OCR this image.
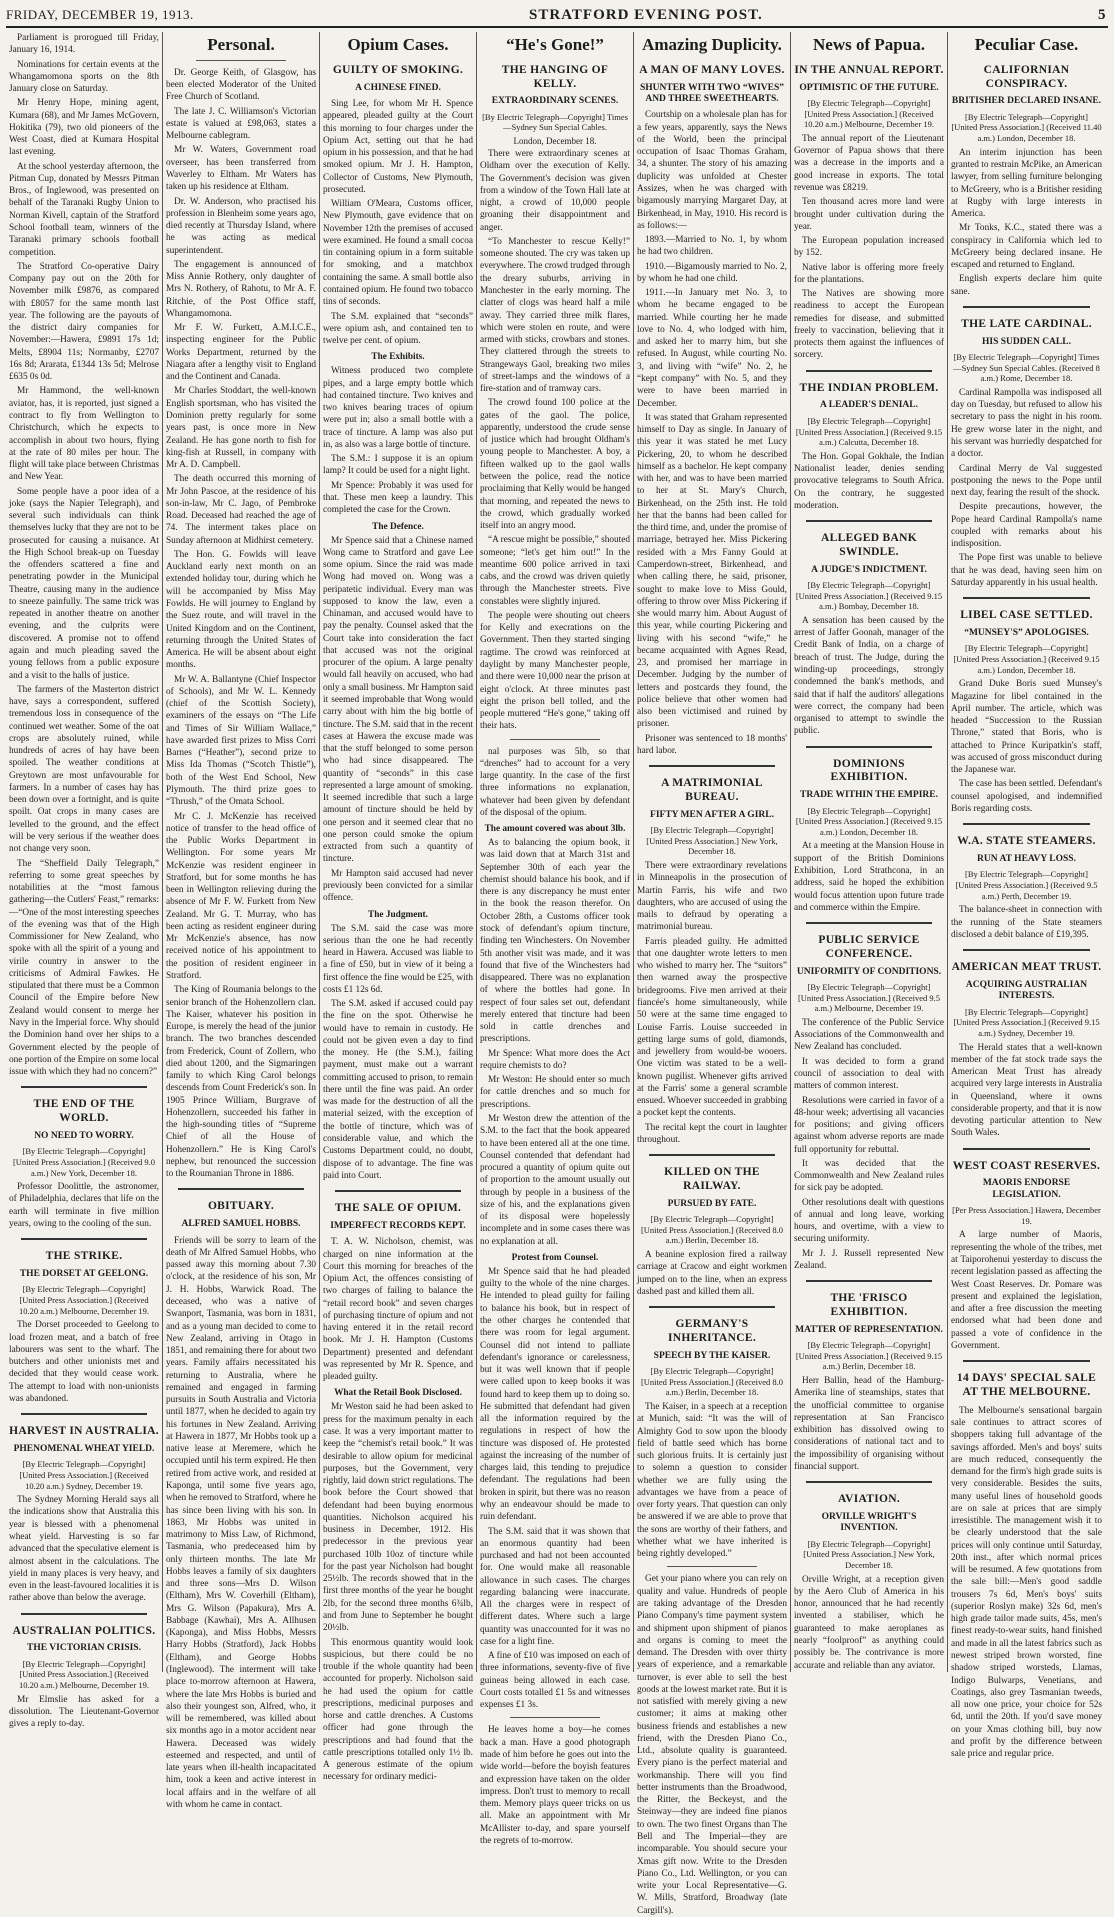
FRIDAY, DECEMBER 19, 1913.	STRATFORD EVENING POST.	5

Parliament is prorogued till Friday, January 16, 1914.

Nominations for certain events at the Whangamomona sports on the 8th January close on Saturday.

Mr Henry Hope, mining agent, Kumara (68), and Mr James McGovern, Hokitika (79), two old pioneers of the West Coast, died at Kumara Hospital last evening.

At the school yesterday afternoon, the Pitman Cup, donated by Messrs Pitman Bros., of Inglewood, was presented on behalf of the Taranaki Rugby Union to Norman Kivell, captain of the Stratford School football team, winners of the Taranaki primary schools football competition.

The Stratford Co-operative Dairy Company pay out on the 20th for November milk £9876, as compared with £8057 for the same month last year. The following are the payouts of the district dairy companies for November:—Hawera, £9891 17s 1d; Melts, £8904 11s; Normanby, £2707 16s 8d; Ararata, £1344 13s 5d; Melrose £635 0s 0d.

Mr Hammond, the well-known aviator, has, it is reported, just signed a contract to fly from Wellington to Christchurch, which he expects to accomplish in about two hours, flying at the rate of 80 miles per hour. The flight will take place between Christmas and New Year.

Some people have a poor idea of a joke (says the Napier Telegraph), and several such individuals can think themselves lucky that they are not to be prosecuted for causing a nuisance. At the High School break-up on Tuesday the offenders scattered a fine and penetrating powder in the Municipal Theatre, causing many in the audience to sneeze painfully. The same trick was repeated in another theatre on another evening, and the culprits were discovered. A promise not to offend again and much pleading saved the young fellows from a public exposure and a visit to the halls of justice.

The farmers of the Masterton district have, says a correspondent, suffered tremendous loss in consequence of the continued wet weather. Some of the oat crops are absolutely ruined, while hundreds of acres of hay have been spoiled. The weather conditions at Greytown are most unfavourable for farmers. In a number of cases hay has been down over a fortnight, and is quite spoilt. Oat crops in many cases are levelled to the ground, and the effect will be very serious if the weather does not change very soon.

The “Sheffield Daily Telegraph,” referring to some great speeches by notabilities at the “most famous gathering—the Cutlers' Feast,” remarks:—“One of the most interesting speeches of the evening was that of the High Commissioner for New Zealand, who spoke with all the spirit of a young and virile country in answer to the criticisms of Admiral Fawkes. He stipulated that there must be a Common Council of the Empire before New Zealand would consent to merge her Navy in the Imperial force. Why should the Dominion hand over her ships to a Government elected by the people of one portion of the Empire on some local issue with which they had no concern?”

THE END OF THE WORLD.
NO NEED TO WORRY.
[By Electric Telegraph—Copyright] [United Press Association.] (Received 9.0 a.m.) New York, December 18.

Professor Doolittle, the astronomer, of Philadelphia, declares that life on the earth will terminate in five million years, owing to the cooling of the sun.

THE STRIKE.
THE DORSET AT GEELONG.
[By Electric Telegraph—Copyright] [United Press Association.] (Received 10.20 a.m.) Melbourne, December 19.

The Dorset proceeded to Geelong to load frozen meat, and a batch of free labourers was sent to the wharf. The butchers and other unionists met and decided that they would cease work. The attempt to load with non-unionists was abandoned.

HARVEST IN AUSTRALIA.
PHENOMENAL WHEAT YIELD.
[By Electric Telegraph—Copyright] [United Press Association.] (Received 10.20 a.m.) Sydney, December 19.

The Sydney Morning Herald says all the indications show that Australia this year is blessed with a phenomenal wheat yield. Harvesting is so far advanced that the speculative element is almost absent in the calculations. The yield in many places is very heavy, and even in the least-favoured localities it is rather above than below the average.

AUSTRALIAN POLITICS.
THE VICTORIAN CRISIS.
[By Electric Telegraph—Copyright] [United Press Association.] (Received 10.20 a.m.) Melbourne, December 19.

Mr Elmslie has asked for a dissolution. The Lieutenant-Governor gives a reply to-day.

Personal.

Dr. George Keith, of Glasgow, has been elected Moderator of the United Free Church of Scotland.

The late J. C. Williamson's Victorian estate is valued at £98,063, states a Melbourne cablegram.

Mr W. Waters, Government road overseer, has been transferred from Waverley to Eltham. Mr Waters has taken up his residence at Eltham.

Dr. W. Anderson, who practised his profession in Blenheim some years ago, died recently at Thursday Island, where he was acting as medical superintendent.

The engagement is announced of Miss Annie Rothery, only daughter of Mrs N. Rothery, of Rahotu, to Mr A. F. Ritchie, of the Post Office staff, Whangamomona.

Mr F. W. Furkett, A.M.I.C.E., inspecting engineer for the Public Works Department, returned by the Niagara after a lengthy visit to England and the Continent and Canada.

Mr Charles Stoddart, the well-known English sportsman, who has visited the Dominion pretty regularly for some years past, is once more in New Zealand. He has gone north to fish for king-fish at Russell, in company with Mr A. D. Campbell.

The death occurred this morning of Mr John Pascoe, at the residence of his son-in-law, Mr C. Jago, of Pembroke Road. Deceased had reached the age of 74. The interment takes place on Sunday afternoon at Midhirst cemetery.

The Hon. G. Fowlds will leave Auckland early next month on an extended holiday tour, during which he will be accompanied by Miss May Fowlds. He will journey to England by the Suez route, and will travel in the United Kingdom and on the Continent, returning through the United States of America. He will be absent about eight months.

Mr W. A. Ballantyne (Chief Inspector of Schools), and Mr W. L. Kennedy (chief of the Scottish Society), examiners of the essays on “The Life and Times of Sir William Wallace,” have awarded first prizes to Miss Corri Barnes (“Heather”), second prize to Miss Ida Thomas (“Scotch Thistle”), both of the West End School, New Plymouth. The third prize goes to “Thrush,” of the Omata School.

Mr C. J. McKenzie has received notice of transfer to the head office of the Public Works Department in Wellington. For some years Mr McKenzie was resident engineer in Stratford, but for some months he has been in Wellington relieving during the absence of Mr F. W. Furkett from New Zealand. Mr G. T. Murray, who has been acting as resident engineer during Mr McKenzie's absence, has now received notice of his appointment to the position of resident engineer in Stratford.

The King of Roumania belongs to the senior branch of the Hohenzollern clan. The Kaiser, whatever his position in Europe, is merely the head of the junior branch. The two branches descended from Frederick, Count of Zollern, who died about 1200, and the Sigmaringen family to which King Carol belongs descends from Count Frederick's son. In 1905 Prince William, Burgrave of Hohenzollern, succeeded his father in the high-sounding titles of “Supreme Chief of all the House of Hohenzollern.” He is King Carol's nephew, but renounced the succession to the Roumanian Throne in 1886.

OBITUARY.
ALFRED SAMUEL HOBBS.

Friends will be sorry to learn of the death of Mr Alfred Samuel Hobbs, who passed away this morning about 7.30 o'clock, at the residence of his son, Mr J. H. Hobbs, Warwick Road. The deceased, who was a native of Swanport, Tasmania, was born in 1831, and as a young man decided to come to New Zealand, arriving in Otago in 1851, and remaining there for about two years. Family affairs necessitated his returning to Australia, where he remained and engaged in farming pursuits in South Australia and Victoria until 1877, when he decided to again try his fortunes in New Zealand. Arriving at Hawera in 1877, Mr Hobbs took up a native lease at Meremere, which he occupied until his term expired. He then retired from active work, and resided at Kaponga, until some five years ago, when he removed to Stratford, where he has since been living with his son. In 1863, Mr Hobbs was united in matrimony to Miss Law, of Richmond, Tasmania, who predeceased him by only thirteen months. The late Mr Hobbs leaves a family of six daughters and three sons—Mrs D. Wilson (Eltham), Mrs W. Coverhill (Eltham), Mrs G. Wilson (Papakura), Mrs A. Babbage (Kawhai), Mrs A. Allhusen (Kaponga), and Miss Hobbs, Messrs Harry Hobbs (Stratford), Jack Hobbs (Eltham), and George Hobbs (Inglewood). The interment will take place to-morrow afternoon at Hawera, where the late Mrs Hobbs is buried and also their youngest son, Alfred, who, it will be remembered, was killed about six months ago in a motor accident near Hawera. Deceased was widely esteemed and respected, and until of late years when ill-health incapacitated him, took a keen and active interest in local affairs and in the welfare of all with whom he came in contact.

Opium Cases.
GUILTY OF SMOKING.
A CHINESE FINED.

Sing Lee, for whom Mr H. Spence appeared, pleaded guilty at the Court this morning to four charges under the Opium Act, setting out that he had opium in his possession, and that he had smoked opium. Mr J. H. Hampton, Collector of Customs, New Plymouth, prosecuted.

William O'Meara, Customs officer, New Plymouth, gave evidence that on November 12th the premises of accused were examined. He found a small cocoa tin containing opium in a form suitable for smoking, and a matchbox containing the same. A small bottle also contained opium. He found two tobacco tins of seconds.

The S.M. explained that “seconds” were opium ash, and contained ten to twelve per cent. of opium.

The Exhibits.

Witness produced two complete pipes, and a large empty bottle which had contained tincture. Two knives and two knives bearing traces of opium were put in; also a small bottle with a trace of tincture. A lamp was also put in, as also was a large bottle of tincture.

The S.M.: I suppose it is an opium lamp? It could be used for a night light.

Mr Spence: Probably it was used for that. These men keep a laundry. This completed the case for the Crown.

The Defence.

Mr Spence said that a Chinese named Wong came to Stratford and gave Lee some opium. Since the raid was made Wong had moved on. Wong was a peripatetic individual. Every man was supposed to know the law, even a Chinaman, and accused would have to pay the penalty. Counsel asked that the Court take into consideration the fact that accused was not the original procurer of the opium. A large penalty would fall heavily on accused, who had only a small business. Mr Hampton said it seemed improbable that Wong would carry about with him the big bottle of tincture. The S.M. said that in the recent cases at Hawera the excuse made was that the stuff belonged to some person who had since disappeared. The quantity of “seconds” in this case represented a large amount of smoking. It seemed incredible that such a large amount of tincture should be held by one person and it seemed clear that no one person could smoke the opium extracted from such a quantity of tincture.

Mr Hampton said accused had never previously been convicted for a similar offence.

The Judgment.

The S.M. said the case was more serious than the one he had recently heard in Hawera. Accused was liable to a fine of £50, but in view of it being a first offence the fine would be £25, with costs £1 12s 6d.

The S.M. asked if accused could pay the fine on the spot. Otherwise he would have to remain in custody. He could not be given even a day to find the money. He (the S.M.), failing payment, must make out a warrant committing accused to prison, to remain there until the fine was paid. An order was made for the destruction of all the material seized, with the exception of the bottle of tincture, which was of considerable value, and which the Customs Department could, no doubt, dispose of to advantage. The fine was paid into Court.

THE SALE OF OPIUM.
IMPERFECT RECORDS KEPT.

T. A. W. Nicholson, chemist, was charged on nine information at the Court this morning for breaches of the Opium Act, the offences consisting of two charges of failing to balance the “retail record book” and seven charges of purchasing tincture of opium and not having entered it in the retail record book. Mr J. H. Hampton (Customs Department) presented and defendant was represented by Mr R. Spence, and pleaded guilty.

What the Retail Book Disclosed.

Mr Weston said he had been asked to press for the maximum penalty in each case. It was a very important matter to keep the “chemist's retail book.” It was desirable to allow opium for medicinal purposes, but the Government, very rightly, laid down strict regulations. The book before the Court showed that defendant had been buying enormous quantities. Nicholson acquired his business in December, 1912. His predecessor in the previous year purchased 10lb 10oz of tincture while for the past year Nicholson had bought 25½lb. The records showed that in the first three months of the year he bought 2lb, for the second three months 6¾lb, and from June to September he bought 20½lb.

This enormous quantity would look suspicious, but there could be no trouble if the whole quantity had been accounted for properly. Nicholson said he had used the opium for cattle prescriptions, medicinal purposes and horse and cattle drenches. A Customs officer had gone through the prescriptions and had found that the cattle prescriptions totalled only 1½ lb. A generous estimate of the opium necessary for ordinary medici-

“He's Gone!”
THE HANGING OF KELLY.
EXTRAORDINARY SCENES.
[By Electric Telegraph—Copyright] Times—Sydney Sun Special Cables.
London, December 18.

There were extraordinary scenes at Oldham over the execution of Kelly. The Government's decision was given from a window of the Town Hall late at night, a crowd of 10,000 people groaning their disappointment and anger.

“To Manchester to rescue Kelly!” someone shouted. The cry was taken up everywhere. The crowd trudged through the dreary suburbs, arriving in Manchester in the early morning. The clatter of clogs was heard half a mile away. They carried three milk flares, which were stolen en route, and were armed with sticks, crowbars and stones. They clattered through the streets to Strangeways Gaol, breaking two miles of street-lamps and the windows of a fire-station and of tramway cars.

The crowd found 100 police at the gates of the gaol. The police, apparently, understood the crude sense of justice which had brought Oldham's young people to Manchester. A boy, a fifteen walked up to the gaol walls between the police, read the notice proclaiming that Kelly would be hanged that morning, and repeated the news to the crowd, which gradually worked itself into an angry mood.

“A rescue might be possible,” shouted someone; “let's get him out!” In the meantime 600 police arrived in taxi cabs, and the crowd was driven quietly through the Manchester streets. Five constables were slightly injured.

The people were shouting out cheers for Kelly and execrations on the Government. Then they started singing ragtime. The crowd was reinforced at daylight by many Manchester people, and there were 10,000 near the prison at eight o'clock. At three minutes past eight the prison bell tolled, and the people muttered “He's gone,” taking off their hats.

nal purposes was 5lb, so that “drenches” had to account for a very large quantity. In the case of the first three informations no explanation, whatever had been given by defendant of the disposal of the opium.

The amount covered was about 3lb.

As to balancing the opium book, it was laid down that at March 31st and September 30th of each year the chemist should balance his book, and if there is any discrepancy he must enter in the book the reason therefor. On October 28th, a Customs officer took stock of defendant's opium tincture, finding ten Winchesters. On November 5th another visit was made, and it was found that five of the Winchesters had disappeared. There was no explanation of where the bottles had gone. In respect of four sales set out, defendant merely entered that tincture had been sold in cattle drenches and prescriptions.

Mr Spence: What more does the Act require chemists to do?

Mr Weston: He should enter so much for cattle drenches and so much for prescriptions.

Mr Weston drew the attention of the S.M. to the fact that the book appeared to have been entered all at the one time. Counsel contended that defendant had procured a quantity of opium quite out of proportion to the amount usually out through by people in a business of the size of his, and the explanations given of its disposal were hopelessly incomplete and in some cases there was no explanation at all.

Protest from Counsel.

Mr Spence said that he had pleaded guilty to the whole of the nine charges. He intended to plead guilty for failing to balance his book, but in respect of the other charges he contended that there was room for legal argument. Counsel did not intend to palliate defendant's ignorance or carelessness, but it was well known that if people were called upon to keep books it was found hard to keep them up to doing so. He submitted that defendant had given all the information required by the regulations in respect of how the tincture was disposed of. He protested against the increasing of the number of charges laid, this tending to prejudice defendant. The regulations had been broken in spirit, but there was no reason why an endeavour should be made to ruin defendant.

The S.M. said that it was shown that an enormous quantity had been purchased and had not been accounted for. One would make all reasonable allowance in such cases. The charges regarding balancing were inaccurate. All the charges were in respect of different dates. Where such a large quantity was unaccounted for it was no case for a light fine.

A fine of £10 was imposed on each of three informations, seventy-five of five guineas being allowed in each case. Court costs totalled £1 5s and witnesses expenses £1 3s.

He leaves home a boy—he comes back a man. Have a good photograph made of him before he goes out into the wide world—before the boyish features and expression have taken on the older impress. Don't trust to memory to recall them. Memory plays queer tricks on us all. Make an appointment with Mr McAllister to-day, and spare yourself the regrets of to-morrow.

Amazing Duplicity.
A MAN OF MANY LOVES.
SHUNTER WITH TWO “WIVES” AND THREE SWEETHEARTS.

Courtship on a wholesale plan has for a few years, apparently, says the News of the World, been the principal occupation of Isaac Thomas Graham, 34, a shunter. The story of his amazing duplicity was unfolded at Chester Assizes, when he was charged with bigamously marrying Margaret Day, at Birkenhead, in May, 1910. His record is as follows:—

1893.—Married to No. 1, by whom he had two children.

1910.—Bigamously married to No. 2, by whom he had one child.

1911.—In January met No. 3, to whom he became engaged to be married. While courting her he made love to No. 4, who lodged with him, and asked her to marry him, but she refused. In August, while courting No. 3, and living with “wife” No. 2, he “kept company” with No. 5, and they were to have been married in December.

It was stated that Graham represented himself to Day as single. In January of this year it was stated he met Lucy Pickering, 20, to whom he described himself as a bachelor. He kept company with her, and was to have been married to her at St. Mary's Church, Birkenhead, on the 25th inst. He told her that the banns had been called for the third time, and, under the promise of marriage, betrayed her. Miss Pickering resided with a Mrs Fanny Gould at Camperdown-street, Birkenhead, and when calling there, he said, prisoner, sought to make love to Miss Gould, offering to throw over Miss Pickering if she would marry him. About August of this year, while courting Pickering and living with his second “wife,” he became acquainted with Agnes Read, 23, and promised her marriage in December. Judging by the number of letters and postcards they found, the police believe that other women had also been victimised and ruined by prisoner.

Prisoner was sentenced to 18 months' hard labor.

A MATRIMONIAL BUREAU.
FIFTY MEN AFTER A GIRL.
[By Electric Telegraph—Copyright] [United Press Association.] New York, December 18.

There were extraordinary revelations in Minneapolis in the prosecution of Martin Farris, his wife and two daughters, who are accused of using the mails to defraud by operating a matrimonial bureau.

Farris pleaded guilty. He admitted that one daughter wrote letters to men who wished to marry her. The “suitors” then warned away the prospective bridegrooms. Five men arrived at their fiancée's home simultaneously, while 50 were at the same time engaged to Louise Farris. Louise succeeded in getting large sums of gold, diamonds, and jewellery from would-be wooers. One victim was stated to be a well-known pugilist. Whenever gifts arrived at the Farris' some a general scramble ensued. Whoever succeeded in grabbing a pocket kept the contents.

The recital kept the court in laughter throughout.

KILLED ON THE RAILWAY.
PURSUED BY FATE.
[By Electric Telegraph—Copyright] [United Press Association.] (Received 8.0 a.m.) Berlin, December 18.

A beanine explosion fired a railway carriage at Cracow and eight workmen jumped on to the line, when an express dashed past and killed them all.

GERMANY'S INHERITANCE.
SPEECH BY THE KAISER.
[By Electric Telegraph—Copyright] [United Press Association.] (Received 8.0 a.m.) Berlin, December 18.

The Kaiser, in a speech at a reception at Munich, said: “It was the will of Almighty God to sow upon the bloody field of battle seed which has borne such glorious fruits. It is certainly just to solemn a question to consider whether we are fully using the advantages we have from a peace of over forty years. That question can only be answered if we are able to prove that the sons are worthy of their fathers, and whether what we have inherited is being rightly developed.”

Get your piano where you can rely on quality and value. Hundreds of people are taking advantage of the Dresden Piano Company's time payment system and shipment upon shipment of pianos and organs is coming to meet the demand. The Dresden with over thirty years of experience, and a remarkable turnover, is ever able to sell the best goods at the lowest market rate. But it is not satisfied with merely giving a new customer; it aims at making other business friends and establishes a new friend, with the Dresden Piano Co., Ltd., absolute quality is guaranteed. Every piano is the perfect material and workmanship. There will you find better instruments than the Broadwood, the Ritter, the Beckeyst, and the Steinway—they are indeed fine pianos to own. The two finest Organs than The Bell and The Imperial—they are incomparable. You should secure your Xmas gift now. Write to the Dresden Piano Co., Ltd. Wellington, or you can write your Local Representative—G. W. Mills, Stratford, Broadway (late Cargill's).

News of Papua.
IN THE ANNUAL REPORT.
OPTIMISTIC OF THE FUTURE.
[By Electric Telegraph—Copyright] [United Press Association.] (Received 10.20 a.m.) Melbourne, December 19.

The annual report of the Lieutenant Governor of Papua shows that there was a decrease in the imports and a good increase in exports. The total revenue was £8219.

Ten thousand acres more land were brought under cultivation during the year.

The European population increased by 152.

Native labor is offering more freely for the plantations.

The Natives are showing more readiness to accept the European remedies for disease, and submitted freely to vaccination, believing that it protects them against the influences of sorcery.

THE INDIAN PROBLEM.
A LEADER'S DENIAL.
[By Electric Telegraph—Copyright] [United Press Association.] (Received 9.15 a.m.) Calcutta, December 18.

The Hon. Gopal Gokhale, the Indian Nationalist leader, denies sending provocative telegrams to South Africa. On the contrary, he suggested moderation.

ALLEGED BANK SWINDLE.
A JUDGE'S INDICTMENT.
[By Electric Telegraph—Copyright] [United Press Association.] (Received 9.15 a.m.) Bombay, December 18.

A sensation has been caused by the arrest of Jaffer Goonah, manager of the Credit Bank of India, on a charge of breach of trust. The Judge, during the winding-up proceedings, strongly condemned the bank's methods, and said that if half the auditors' allegations were correct, the company had been organised to attempt to swindle the public.

DOMINIONS EXHIBITION.
TRADE WITHIN THE EMPIRE.
[By Electric Telegraph—Copyright] [United Press Association.] (Received 9.15 a.m.) London, December 18.

At a meeting at the Mansion House in support of the British Dominions Exhibition, Lord Strathcona, in an address, said he hoped the exhibition would focus attention upon future trade and commerce within the Empire.

PUBLIC SERVICE CONFERENCE.
UNIFORMITY OF CONDITIONS.
[By Electric Telegraph—Copyright] [United Press Association.] (Received 9.5 a.m.) Melbourne, December 19.

The conference of the Public Service Associations of the Commonwealth and New Zealand has concluded.

It was decided to form a grand council of association to deal with matters of common interest.

Resolutions were carried in favor of a 48-hour week; advertising all vacancies for positions; and giving officers against whom adverse reports are made full opportunity for rebuttal.

It was decided that the Commonwealth and New Zealand rules for sick pay be adopted.

Other resolutions dealt with questions of annual and long leave, working hours, and overtime, with a view to securing uniformity.

Mr J. J. Russell represented New Zealand.

THE 'FRISCO EXHIBITION.
MATTER OF REPRESENTATION.
[By Electric Telegraph—Copyright] [United Press Association.] (Received 9.15 a.m.) Berlin, December 18.

Herr Ballin, head of the Hamburg-Amerika line of steamships, states that the unofficial committee to organise representation at San Francisco exhibition has dissolved owing to considerations of national tact and to the impossibility of organising without financial support.

AVIATION.
ORVILLE WRIGHT'S INVENTION.
[By Electric Telegraph—Copyright] [United Press Association.] New York, December 18.

Orville Wright, at a reception given by the Aero Club of America in his honor, announced that he had recently invented a stabiliser, which he guaranteed to make aeroplanes as nearly “foolproof” as anything could possibly be. The contrivance is more accurate and reliable than any aviator.

Peculiar Case.
CALIFORNIAN CONSPIRACY.
BRITISHER DECLARED INSANE.
[By Electric Telegraph—Copyright] [United Press Association.] (Received 11.40 a.m.) London, December 18.

An interim injunction has been granted to restrain McPike, an American lawyer, from selling furniture belonging to McGreery, who is a Britisher residing at Rugby with large interests in America.

Mr Tonks, K.C., stated there was a conspiracy in California which led to McGreery being declared insane. He escaped and returned to England.

English experts declare him quite sane.

THE LATE CARDINAL.
HIS SUDDEN CALL.
[By Electric Telegraph—Copyright] Times—Sydney Sun Special Cables. (Received 8 a.m.) Rome, December 18.

Cardinal Rampolla was indisposed all day on Tuesday, but refused to allow his secretary to pass the night in his room. He grew worse later in the night, and his servant was hurriedly despatched for a doctor.

Cardinal Merry de Val suggested postponing the news to the Pope until next day, fearing the result of the shock.

Despite precautions, however, the Pope heard Cardinal Rampolla's name coupled with remarks about his indisposition.

The Pope first was unable to believe that he was dead, having seen him on Saturday apparently in his usual health.

LIBEL CASE SETTLED.
“MUNSEY'S” APOLOGISES.
[By Electric Telegraph—Copyright] [United Press Association.] (Received 9.15 a.m.) London, December 18.

Grand Duke Boris sued Munsey's Magazine for libel contained in the April number. The article, which was headed “Succession to the Russian Throne,” stated that Boris, who is attached to Prince Kuripatkin's staff, was accused of gross misconduct during the Japanese war.

The case has been settled. Defendant's counsel apologised, and indemnified Boris regarding costs.

W.A. STATE STEAMERS.
RUN AT HEAVY LOSS.
[By Electric Telegraph—Copyright] [United Press Association.] (Received 9.5 a.m.) Perth, December 19.

The balance-sheet in connection with the running of the State steamers disclosed a debit balance of £19,395.

AMERICAN MEAT TRUST.
ACQUIRING AUSTRALIAN INTERESTS.
[By Electric Telegraph—Copyright] [United Press Association.] (Received 9.15 a.m.) Sydney, December 19.

The Herald states that a well-known member of the fat stock trade says the American Meat Trust has already acquired very large interests in Australia in Queensland, where it owns considerable property, and that it is now devoting particular attention to New South Wales.

WEST COAST RESERVES.
MAORIS ENDORSE LEGISLATION.
[Per Press Association.] Hawera, December 19.

A large number of Maoris, representing the whole of the tribes, met at Taiporohenui yesterday to discuss the recent legislation passed as affecting the West Coast Reserves. Dr. Pomare was present and explained the legislation, and after a free discussion the meeting endorsed what had been done and passed a vote of confidence in the Government.

14 DAYS' SPECIAL SALE AT THE MELBOURNE.

The Melbourne's sensational bargain sale continues to attract scores of shoppers taking full advantage of the savings afforded. Men's and boys' suits are much reduced, consequently the demand for the firm's high grade suits is very considerable. Besides the suits, many useful lines of household goods are on sale at prices that are simply irresistible. The management wish it to be clearly understood that the sale prices will only continue until Saturday, 20th inst., after which normal prices will be resumed. A few quotations from the sale bill:—Men's good saddle trousers 7s 6d, Men's boys' suits (superior Roslyn make) 32s 6d, men's high grade tailor made suits, 45s, men's finest ready-to-wear suits, hand finished and made in all the latest fabrics such as newest striped brown worsted, fine shadow striped worsteds, Llamas, Indigo Bulwarps, Venetians, and Coatings, also grey Tasmanian tweeds, all now one price, your choice for 52s 6d, until the 20th. If you'd save money on your Xmas clothing bill, buy now and profit by the difference between sale price and regular price.
